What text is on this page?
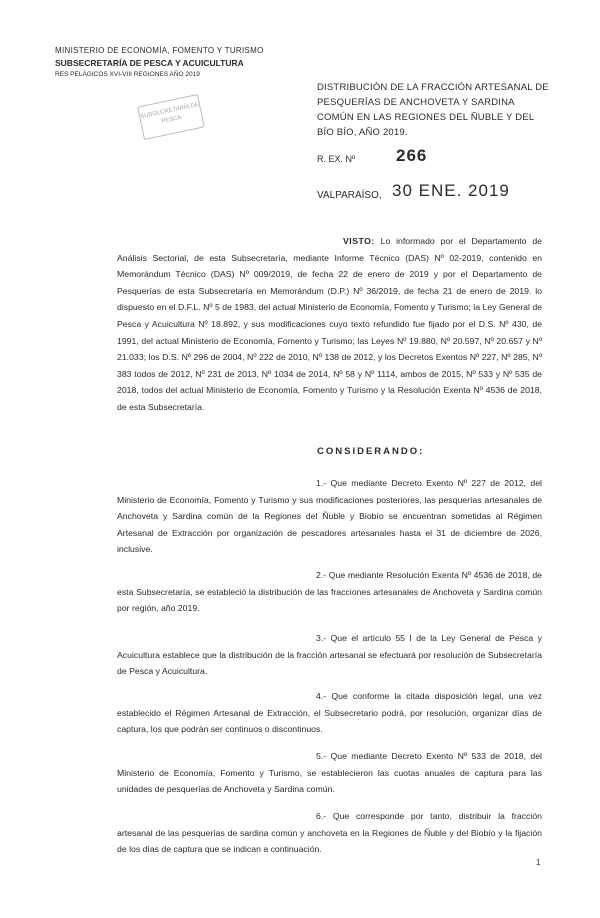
MINISTERIO DE ECONOMÍA, FOMENTO Y TURISMO
SUBSECRETARÍA DE PESCA Y ACUICULTURA
RES PELÁGICOS XVI-VIII REGIONES AÑO 2019
SUBSECRETARÍA DE PESCA
DISTRIBUCIÓN DE LA FRACCIÓN ARTESANAL DE PESQUERÍAS DE ANCHOVETA Y SARDINA COMÚN EN LAS REGIONES DEL ÑUBLE Y DEL BÍO BÍO, AÑO 2019.
R. EX. Nº 266
VALPARAÍSO, 30 ENE. 2019
VISTO: Lo informado por el Departamento de Análisis Sectorial, de esta Subsecretaría, mediante Informe Técnico (DAS) Nº 02-2019, contenido en Memorándum Técnico (DAS) Nº 009/2019, de fecha 22 de enero de 2019 y por el Departamento de Pesquerías de esta Subsecretaría en Memorándum (D.P.) Nº 36/2019, de fecha 21 de enero de 2019. lo dispuesto en el D.F.L. Nº 5 de 1983, del actual Ministerio de Economía, Fomento y Turismo; la Ley General de Pesca y Acuicultura Nº 18.892, y sus modificaciones cuyo texto refundido fue fijado por el D.S. Nº 430, de 1991, del actual Ministerio de Economía, Fomento y Turismo; las Leyes Nº 19.880, Nº 20.597, Nº 20.657 y Nº 21.033; los D.S. Nº 296 de 2004, Nº 222 de 2010, Nº 138 de 2012, y los Decretos Exentos Nº 227, Nº 285, Nº 383 todos de 2012, Nº 231 de 2013, Nº 1034 de 2014, Nº 58 y Nº 1114, ambos de 2015, Nº 533 y Nº 535 de 2018, todos del actual Ministerio de Economía, Fomento y Turismo y la Resolución Exenta Nº 4536 de 2018, de esta Subsecretaría.
CONSIDERANDO:
1.- Que mediante Decreto Exento Nº 227 de 2012, del Ministerio de Economía, Fomento y Turismo y sus modificaciones posteriores, las pesquerías artesanales de Anchoveta y Sardina común de la Regiones del Ñuble y Biobío se encuentran sometidas al Régimen Artesanal de Extracción por organización de pescadores artesanales hasta el 31 de diciembre de 2026, inclusive.
2.- Que mediante Resolución Exenta Nº 4536 de 2018, de esta Subsecretaría, se estableció la distribución de las fracciones artesanales de Anchoveta y Sardina común por región, año 2019.
3.- Que el artículo 55 I de la Ley General de Pesca y Acuicultura establece que la distribución de la fracción artesanal se efectuará por resolución de Subsecretaría de Pesca y Acuicultura.
4.- Que conforme la citada disposición legal, una vez establecido el Régimen Artesanal de Extracción, el Subsecretario podrá, por resolución, organizar días de captura, los que podrán ser continuos o discontinuos.
5.- Que mediante Decreto Exento Nº 533 de 2018, del Ministerio de Economía, Fomento y Turismo, se establecieron las cuotas anuales de captura para las unidades de pesquerías de Anchoveta y Sardina común.
6.- Que corresponde por tanto, distribuir la fracción artesanal de las pesquerías de sardina común y anchoveta en la Regiones de Ñuble y del Biobío y la fijación de los días de captura que se indican a continuación.
1
